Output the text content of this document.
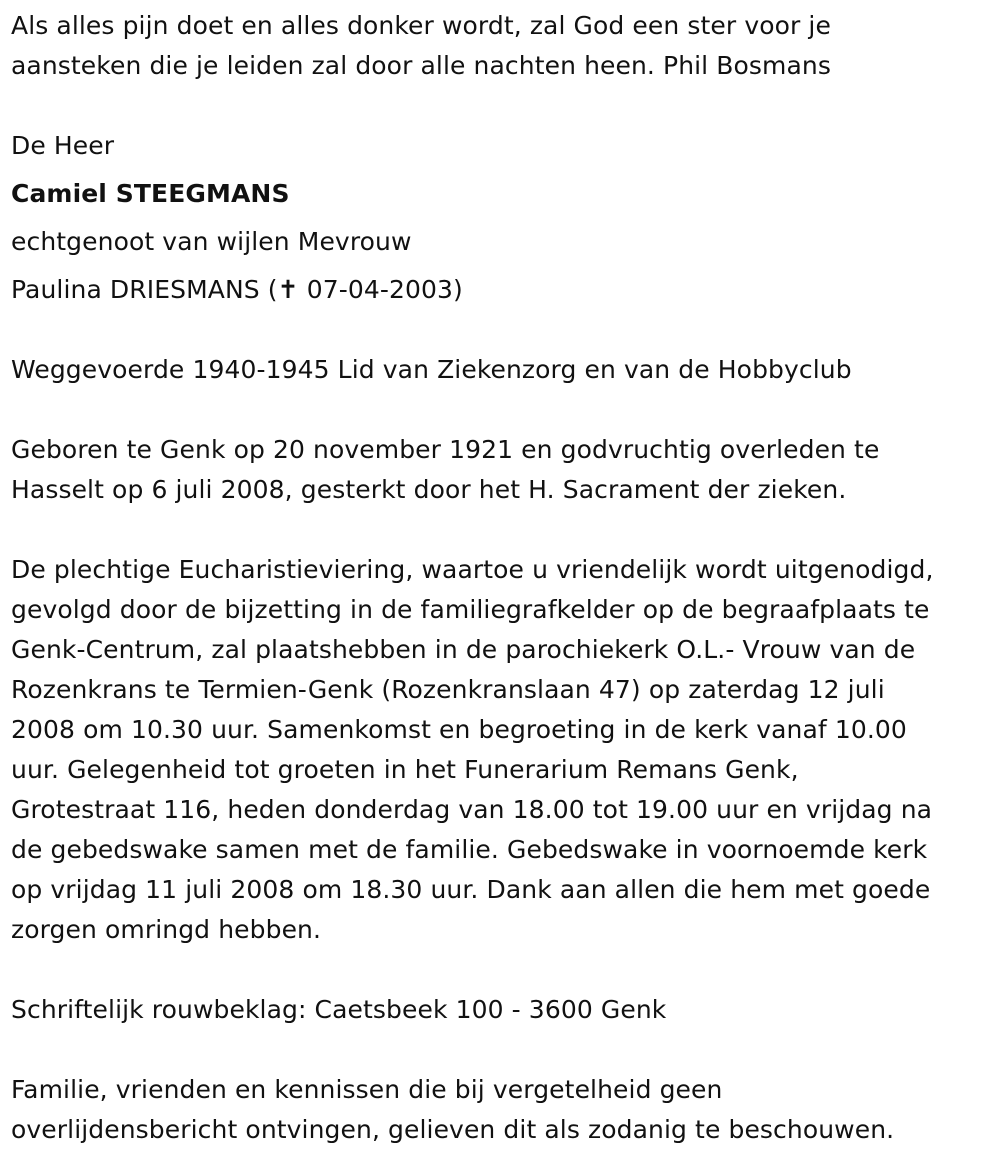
Als alles pijn doet en alles donker wordt, zal God een ster voor je
aansteken die je leiden zal door alle nachten heen. Phil Bosmans
De Heer
Camiel STEEGMANS
echtgenoot van wijlen Mevrouw
Paulina DRIESMANS (✝ 07-04-2003)
Weggevoerde 1940-1945 Lid van Ziekenzorg en van de Hobbyclub
Geboren te Genk op 20 november 1921 en godvruchtig overleden te
Hasselt op 6 juli 2008, gesterkt door het H. Sacrament der zieken.
De plechtige Eucharistieviering, waartoe u vriendelijk wordt uitgenodigd,
gevolgd door de bijzetting in de familiegrafkelder op de begraafplaats te
Genk-Centrum, zal plaatshebben in de parochiekerk O.L.- Vrouw van de
Rozenkrans te Termien-Genk (Rozenkranslaan 47) op zaterdag 12 juli
2008 om 10.30 uur. Samenkomst en begroeting in de kerk vanaf 10.00
uur. Gelegenheid tot groeten in het Funerarium Remans Genk,
Grotestraat 116, heden donderdag van 18.00 tot 19.00 uur en vrijdag na
de gebedswake samen met de familie. Gebedswake in voornoemde kerk
op vrijdag 11 juli 2008 om 18.30 uur. Dank aan allen die hem met goede
zorgen omringd hebben.
Schriftelijk rouwbeklag: Caetsbeek 100 - 3600 Genk
Familie, vrienden en kennissen die bij vergetelheid geen
overlijdensbericht ontvingen, gelieven dit als zodanig te beschouwen.
